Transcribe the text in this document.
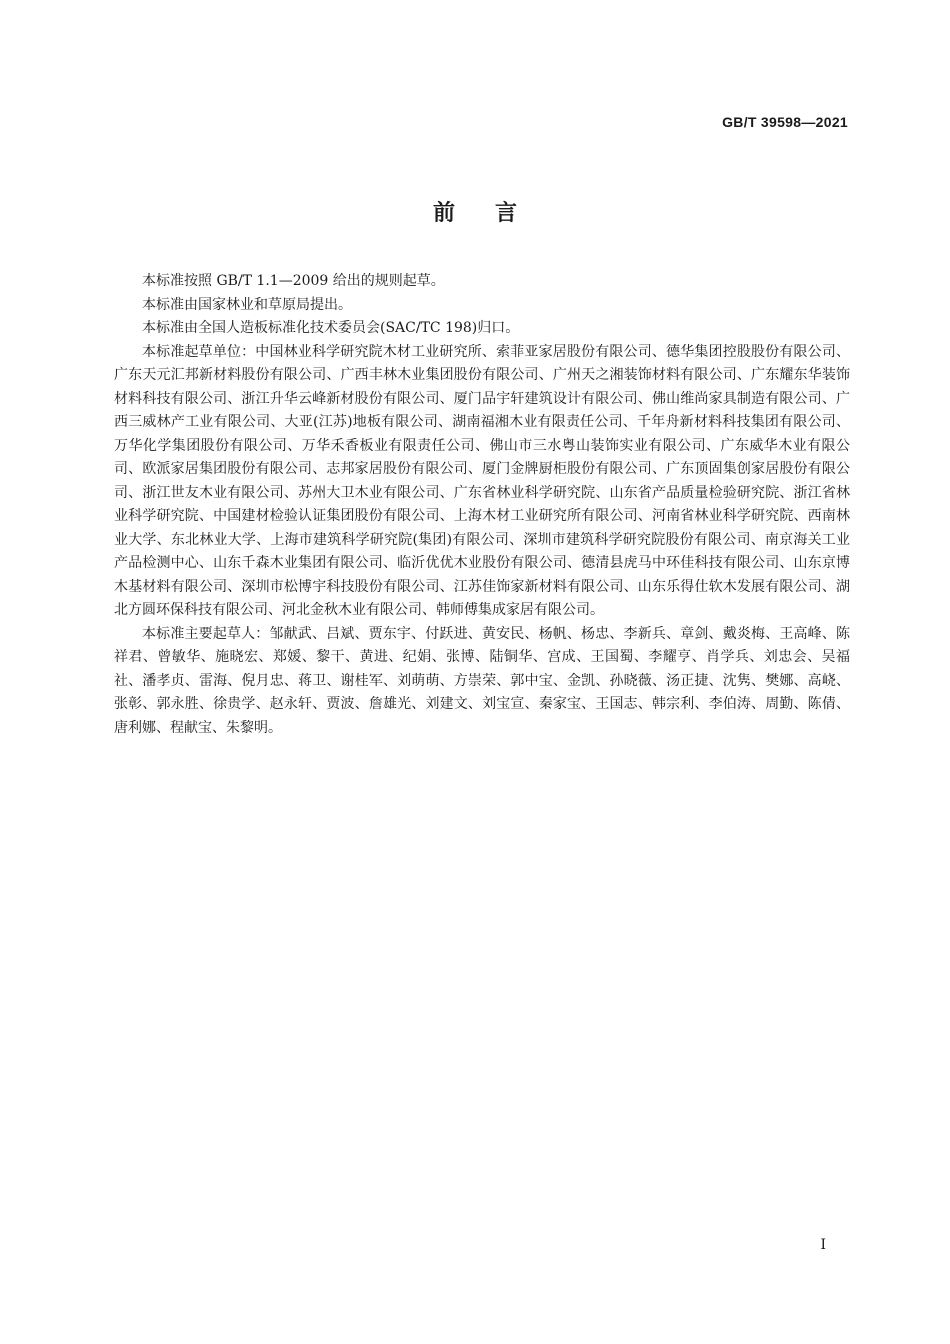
GB/T 39598—2021
前言

本标准按照 GB/T 1.1—2009 给出的规则起草。

本标准由国家林业和草原局提出。

本标准由全国人造板标准化技术委员会(SAC/TC 198)归口。

本标准起草单位：中国林业科学研究院木材工业研究所、索菲亚家居股份有限公司、德华集团控股股份有限公司、广东天元汇邦新材料股份有限公司、广西丰林木业集团股份有限公司、广州天之湘装饰材料有限公司、广东耀东华装饰材料科技有限公司、浙江升华云峰新材股份有限公司、厦门品宇轩建筑设计有限公司、佛山维尚家具制造有限公司、广西三威林产工业有限公司、大亚(江苏)地板有限公司、湖南福湘木业有限责任公司、千年舟新材料科技集团有限公司、万华化学集团股份有限公司、万华禾香板业有限责任公司、佛山市三水粤山装饰实业有限公司、广东威华木业有限公司、欧派家居集团股份有限公司、志邦家居股份有限公司、厦门金牌厨柜股份有限公司、广东顶固集创家居股份有限公司、浙江世友木业有限公司、苏州大卫木业有限公司、广东省林业科学研究院、山东省产品质量检验研究院、浙江省林业科学研究院、中国建材检验认证集团股份有限公司、上海木材工业研究所有限公司、河南省林业科学研究院、西南林业大学、东北林业大学、上海市建筑科学研究院(集团)有限公司、深圳市建筑科学研究院股份有限公司、南京海关工业产品检测中心、山东千森木业集团有限公司、临沂优优木业股份有限公司、德清县虎马中环佳科技有限公司、山东京博木基材料有限公司、深圳市松博宇科技股份有限公司、江苏佳饰家新材料有限公司、山东乐得仕软木发展有限公司、湖北方圆环保科技有限公司、河北金秋木业有限公司、韩师傅集成家居有限公司。

本标准主要起草人：邹献武、吕斌、贾东宇、付跃进、黄安民、杨帆、杨忠、李新兵、章剑、戴炎梅、王高峰、陈祥君、曾敏华、施晓宏、郑媛、黎干、黄进、纪娟、张博、陆铜华、宫成、王国蜀、李耀亨、肖学兵、刘忠会、吴福社、潘孝贞、雷海、倪月忠、蒋卫、谢桂军、刘萌萌、方崇荣、郭中宝、金凯、孙晓薇、汤正捷、沈隽、樊娜、高峣、张彰、郭永胜、徐贵学、赵永轩、贾波、詹雄光、刘建文、刘宝宣、秦家宝、王国志、韩宗利、李伯涛、周勤、陈倩、唐利娜、程献宝、朱黎明。

I
